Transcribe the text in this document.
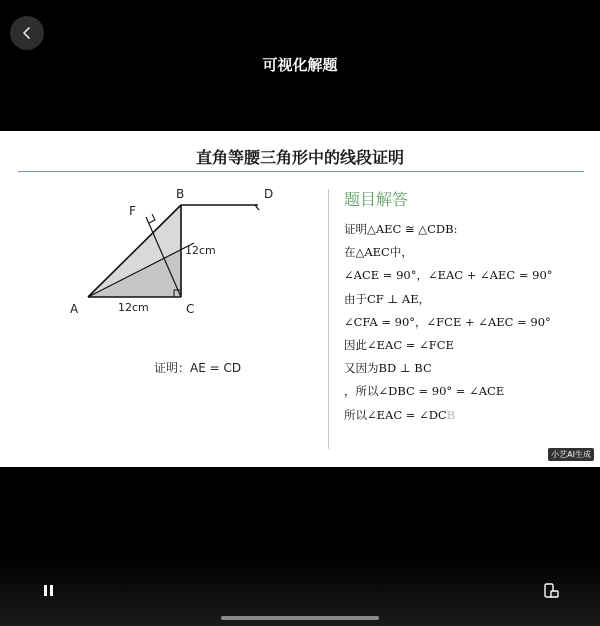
可视化解题
直角等腰三角形中的线段证明
A
B
C
D
F
12cm
12cm
证明：AE = CD
题目解答
证明△AEC ≅ △CDB:
在△AEC中，
∠ACE = 90°，∠EAC + ∠AEC = 90°
由于CF ⊥ AE，
∠CFA = 90°，∠FCE + ∠AEC = 90°
因此∠EAC = ∠FCE
又因为BD ⊥ BC
，所以∠DBC = 90° = ∠ACE
所以∠EAC = ∠DCB
小艺AI生成
